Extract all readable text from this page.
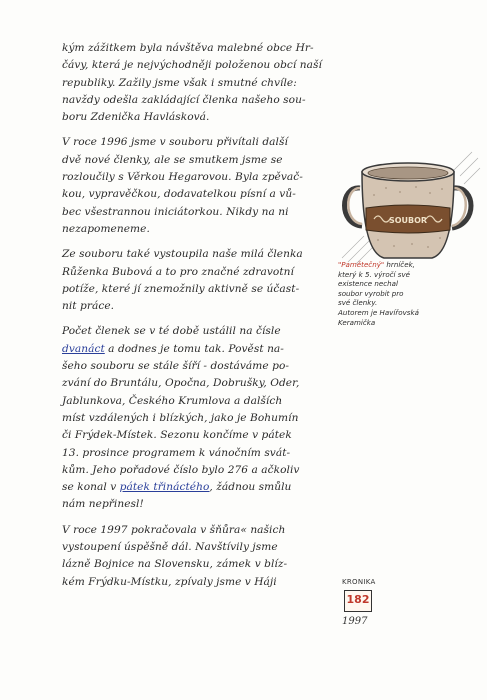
kým zážitkem byla návštěva malebné obce Hr-
čávy, která je nejvýchodněji položenou obcí naší
republiky. Zažily jsme však i smutné chvíle:
navždy odešla zakládající členka našeho sou-
boru Zdenička Havlásková.

V roce 1996 jsme v souboru přivítali další
dvě nové členky, ale se smutkem jsme se
rozloučily s Věrkou Hegarovou. Byla zpěvač-
kou, vypravěčkou, dodavatelkou písní a vů-
bec všestrannou iniciátorkou. Nikdy na ni
nezapomeneme.

Ze souboru také vystoupila naše milá členka
Růženka Bubová a to pro značné zdravotní
potíže, které jí znemožnily aktivně se účast-
nit práce.

Počet členek se v té době ustálil na čísle
dvanáct a dodnes je tomu tak. Pověst na-
šeho souboru se stále šíří - dostáváme po-
zvání do Bruntálu, Opočna, Dobrušky, Oder,
Jablunkova, Českého Krumlova a dalších
míst vzdálených i blízkých, jako je Bohumín
či Frýdek-Místek. Sezonu končíme v pátek
13. prosince programem k vánočním svát-
kům. Jeho pořadové číslo bylo 276 a ačkoliv
se konal v pátek třináctého, žádnou smůlu
nám nepřinesl!

V roce 1997 pokračovala v šňůra« našich
vystoupení úspěšně dál. Navštívily jsme
lázně Bojnice na Slovensku, zámek v blíz-
kém Frýdku-Místku, zpívaly jsme v Háji

SOUBOR
"Pamětečný" hrníček,
který k 5. výročí své
existence nechal
soubor vyrobit pro
své členky.
Autorem je Havířovská
Keramička
KRONIKA
182
1997
